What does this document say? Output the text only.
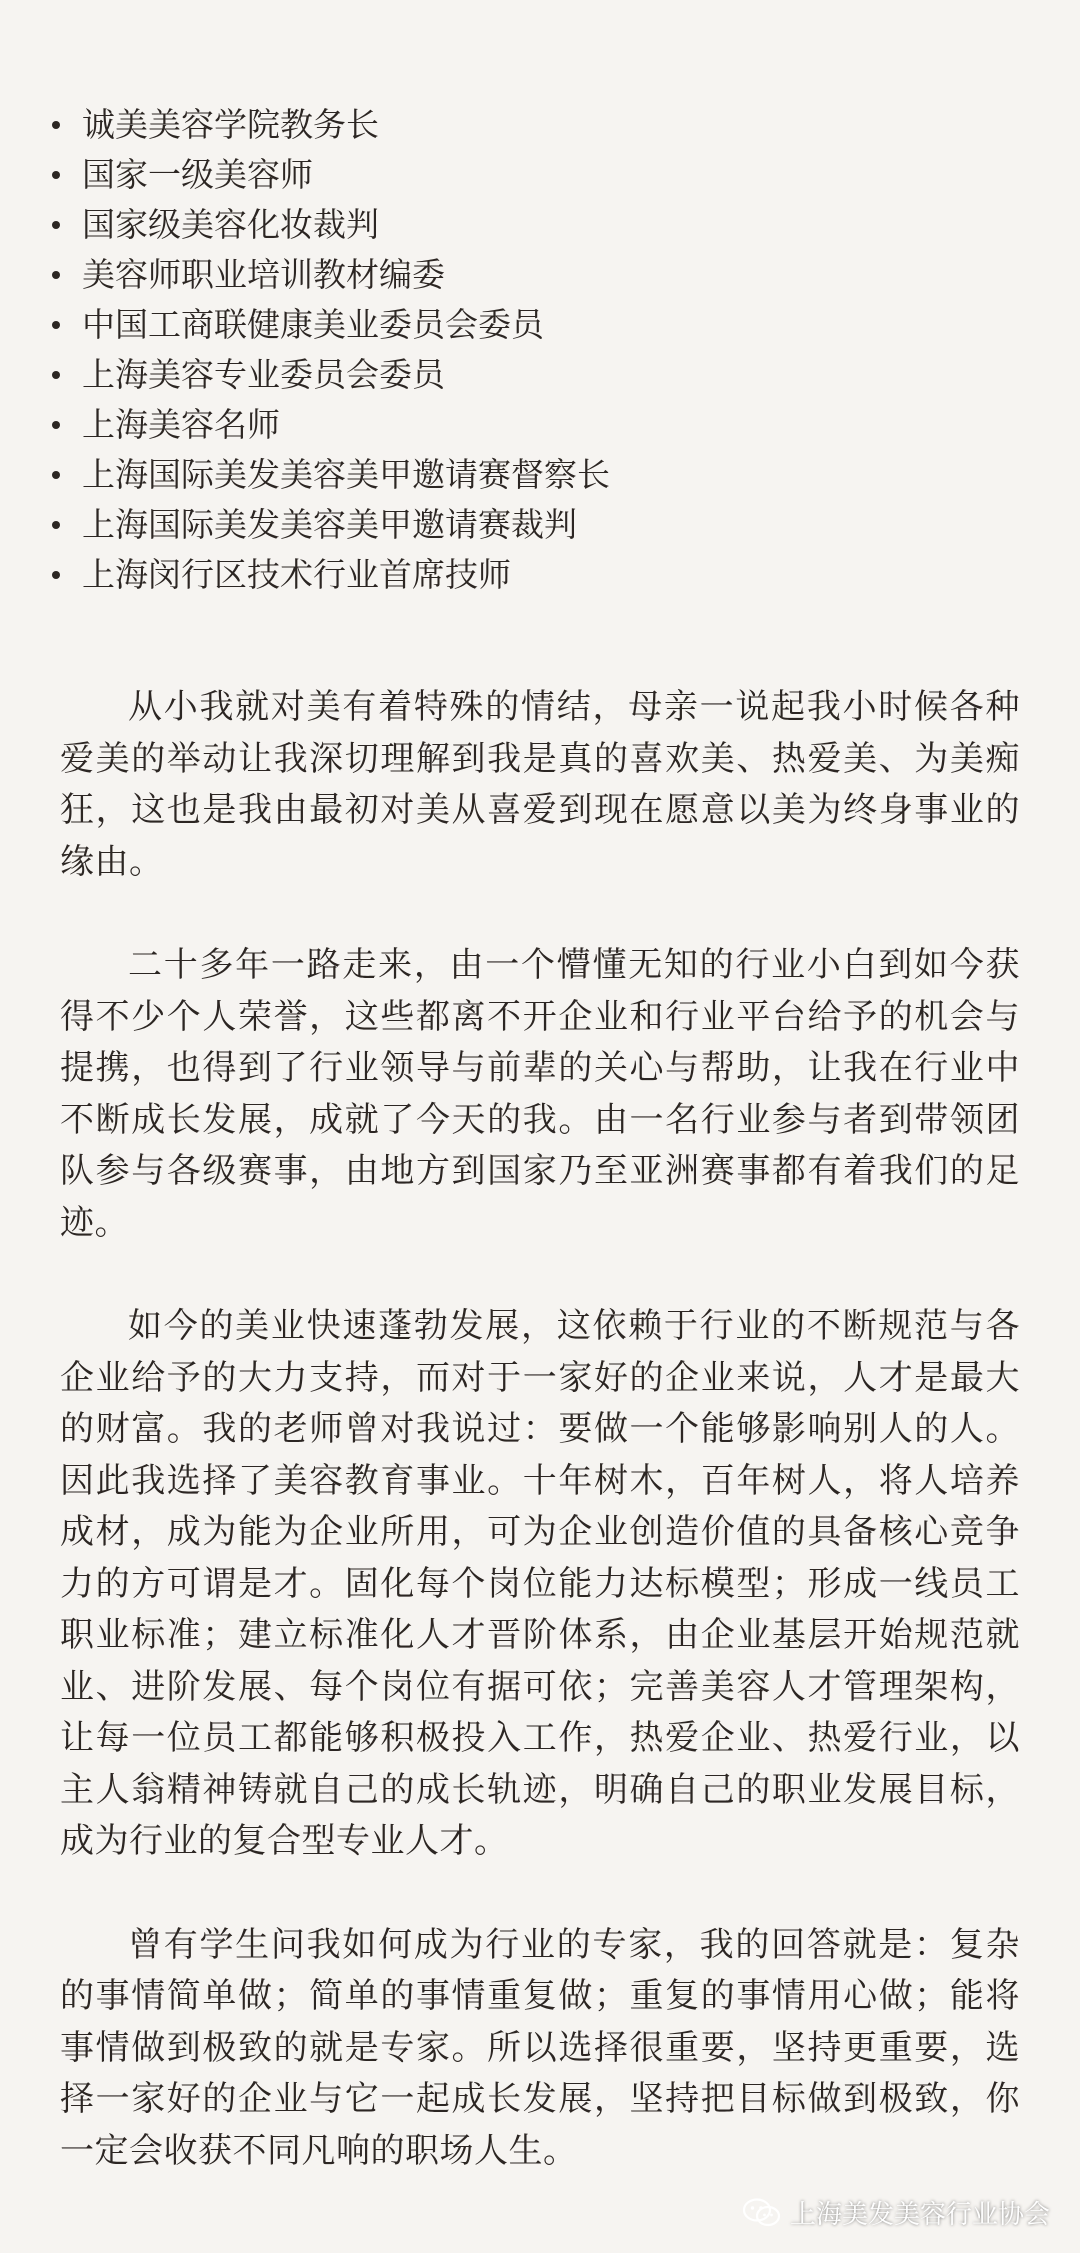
诚美美容学院教务长
国家一级美容师
国家级美容化妆裁判
美容师职业培训教材编委
中国工商联健康美业委员会委员
上海美容专业委员会委员
上海美容名师
上海国际美发美容美甲邀请赛督察长
上海国际美发美容美甲邀请赛裁判
上海闵行区技术行业首席技师

从小我就对美有着特殊的情结，母亲一说起我小时候各种爱美的举动让我深切理解到我是真的喜欢美、热爱美、为美痴狂，这也是我由最初对美从喜爱到现在愿意以美为终身事业的缘由。

二十多年一路走来，由一个懵懂无知的行业小白到如今获得不少个人荣誉，这些都离不开企业和行业平台给予的机会与提携，也得到了行业领导与前辈的关心与帮助，让我在行业中不断成长发展，成就了今天的我。由一名行业参与者到带领团队参与各级赛事，由地方到国家乃至亚洲赛事都有着我们的足迹。

如今的美业快速蓬勃发展，这依赖于行业的不断规范与各企业给予的大力支持，而对于一家好的企业来说，人才是最大的财富。我的老师曾对我说过：要做一个能够影响别人的人。因此我选择了美容教育事业。十年树木，百年树人，将人培养成材，成为能为企业所用，可为企业创造价值的具备核心竞争力的方可谓是才。固化每个岗位能力达标模型；形成一线员工职业标准；建立标准化人才晋阶体系，由企业基层开始规范就业、进阶发展、每个岗位有据可依；完善美容人才管理架构，让每一位员工都能够积极投入工作，热爱企业、热爱行业，以主人翁精神铸就自己的成长轨迹，明确自己的职业发展目标，成为行业的复合型专业人才。

曾有学生问我如何成为行业的专家，我的回答就是：复杂的事情简单做；简单的事情重复做；重复的事情用心做；能将事情做到极致的就是专家。所以选择很重要，坚持更重要，选择一家好的企业与它一起成长发展，坚持把目标做到极致，你一定会收获不同凡响的职场人生。

上海美发美容行业协会
